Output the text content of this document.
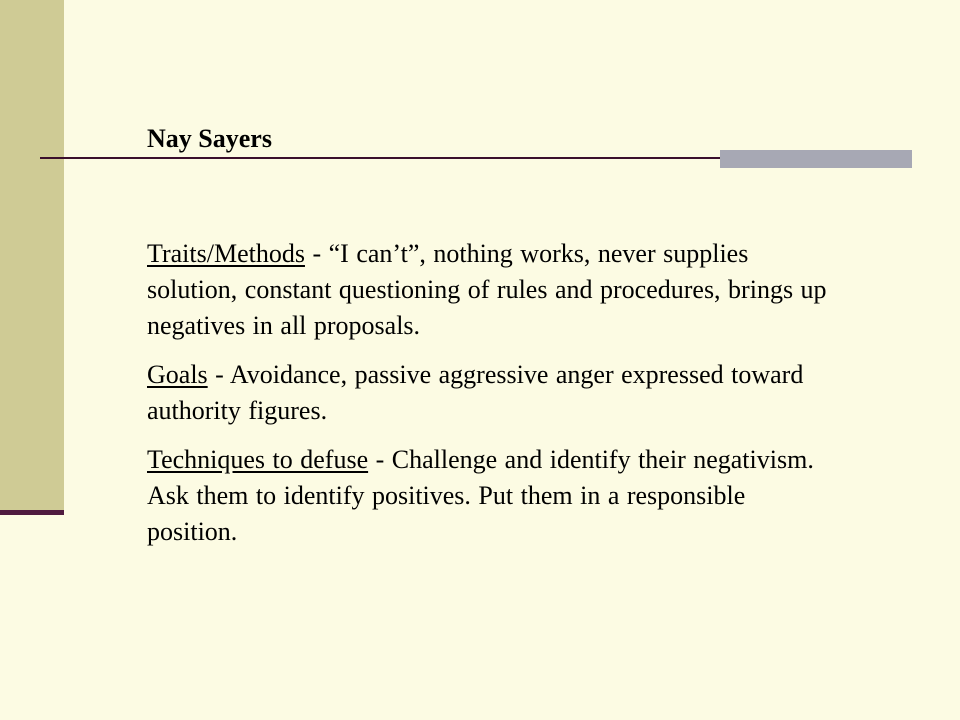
Nay Sayers

Traits/Methods - “I can’t”, nothing works, never supplies solution, constant questioning of rules and procedures, brings up negatives in all proposals.

Goals - Avoidance, passive aggressive anger expressed toward authority figures.

Techniques to defuse - Challenge and identify their negativism. Ask them to identify positives. Put them in a responsible position.
